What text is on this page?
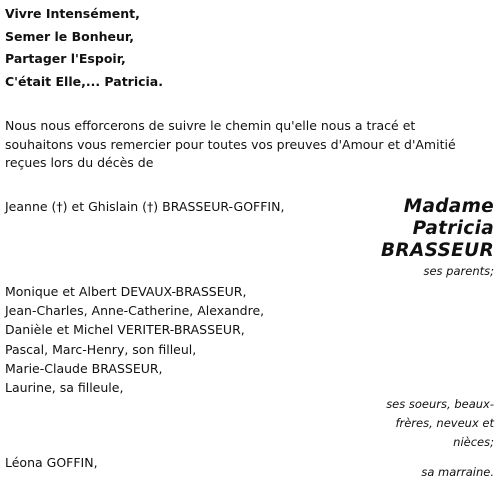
Vivre Intensément,
Semer le Bonheur,
Partager l'Espoir,
C'était Elle,... Patricia.
Nous nous efforcerons de suivre le chemin qu'elle nous a tracé et
souhaitons vous remercier pour toutes vos preuves d'Amour et d'Amitié
reçues lors du décès de
Jeanne (†) et Ghislain (†) BRASSEUR-GOFFIN,	Madame
Patricia
BRASSEUR
ses parents;
Monique et Albert DEVAUX-BRASSEUR,
Jean-Charles, Anne-Catherine, Alexandre,
Danièle et Michel VERITER-BRASSEUR,
Pascal, Marc-Henry, son filleul,
Marie-Claude BRASSEUR,
Laurine, sa filleule,
ses soeurs, beaux-
frères, neveux et
nièces;
Léona GOFFIN,
sa marraine.
